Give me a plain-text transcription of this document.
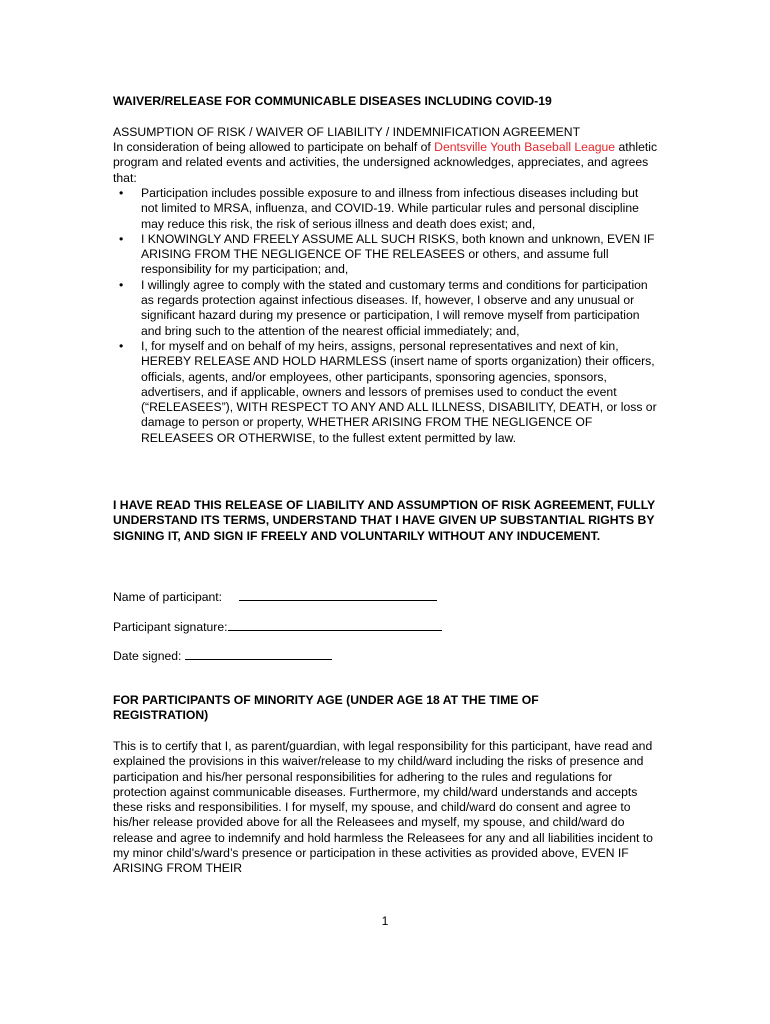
WAIVER/RELEASE FOR COMMUNICABLE DISEASES INCLUDING COVID-19
ASSUMPTION OF RISK / WAIVER OF LIABILITY / INDEMNIFICATION AGREEMENT
In consideration of being allowed to participate on behalf of Dentsville Youth Baseball League athletic program and related events and activities, the undersigned acknowledges, appreciates, and agrees that:
• Participation includes possible exposure to and illness from infectious diseases including but not limited to MRSA, influenza, and COVID-19. While particular rules and personal discipline may reduce this risk, the risk of serious illness and death does exist; and,
• I KNOWINGLY AND FREELY ASSUME ALL SUCH RISKS, both known and unknown, EVEN IF ARISING FROM THE NEGLIGENCE OF THE RELEASEES or others, and assume full responsibility for my participation; and,
• I willingly agree to comply with the stated and customary terms and conditions for participation as regards protection against infectious diseases. If, however, I observe and any unusual or significant hazard during my presence or participation, I will remove myself from participation and bring such to the attention of the nearest official immediately; and,
• I, for myself and on behalf of my heirs, assigns, personal representatives and next of kin, HEREBY RELEASE AND HOLD HARMLESS (insert name of sports organization) their officers, officials, agents, and/or employees, other participants, sponsoring agencies, sponsors, advertisers, and if applicable, owners and lessors of premises used to conduct the event (“RELEASEES”), WITH RESPECT TO ANY AND ALL ILLNESS, DISABILITY, DEATH, or loss or damage to person or property, WHETHER ARISING FROM THE NEGLIGENCE OF RELEASEES OR OTHERWISE, to the fullest extent permitted by law.
I HAVE READ THIS RELEASE OF LIABILITY AND ASSUMPTION OF RISK AGREEMENT, FULLY UNDERSTAND ITS TERMS, UNDERSTAND THAT I HAVE GIVEN UP SUBSTANTIAL RIGHTS BY SIGNING IT, AND SIGN IF FREELY AND VOLUNTARILY WITHOUT ANY INDUCEMENT.
Name of participant:
Participant signature:
Date signed:
FOR PARTICIPANTS OF MINORITY AGE (UNDER AGE 18 AT THE TIME OF REGISTRATION)
This is to certify that I, as parent/guardian, with legal responsibility for this participant, have read and explained the provisions in this waiver/release to my child/ward including the risks of presence and participation and his/her personal responsibilities for adhering to the rules and regulations for protection against communicable diseases. Furthermore, my child/ward understands and accepts these risks and responsibilities. I for myself, my spouse, and child/ward do consent and agree to his/her release provided above for all the Releasees and myself, my spouse, and child/ward do release and agree to indemnify and hold harmless the Releasees for any and all liabilities incident to my minor child’s/ward’s presence or participation in these activities as provided above, EVEN IF ARISING FROM THEIR
1
